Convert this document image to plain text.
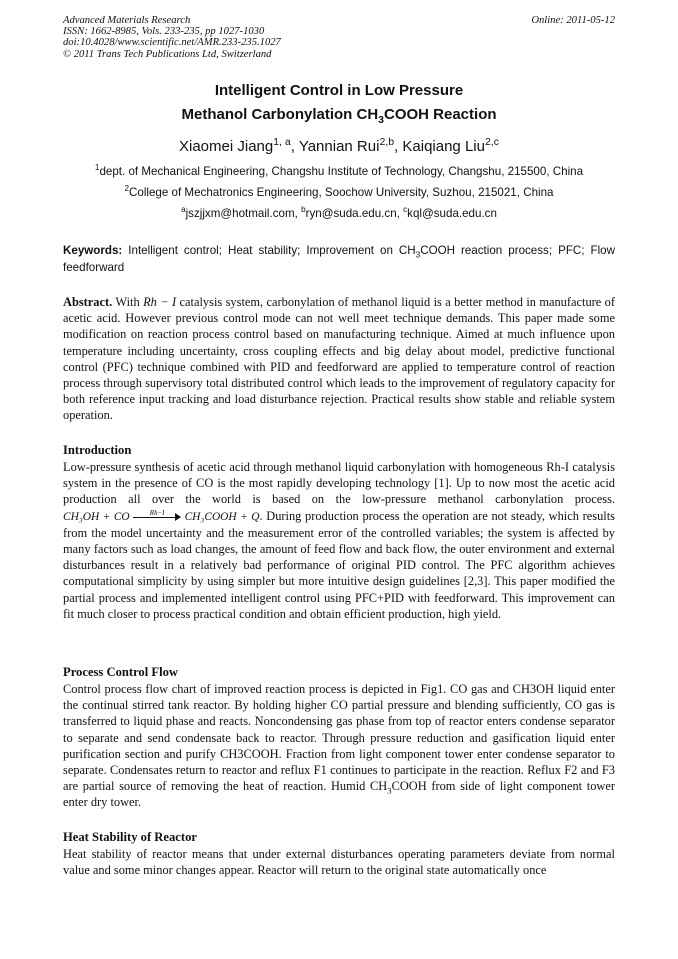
Advanced Materials Research
ISSN: 1662-8985, Vols. 233-235, pp 1027-1030
doi:10.4028/www.scientific.net/AMR.233-235.1027
© 2011 Trans Tech Publications Ltd, Switzerland
Online: 2011-05-12
Intelligent Control in Low Pressure
Methanol Carbonylation $CH_3COOH$ Reaction
Xiaomei Jiang$^{1, a}$, Yannian Rui$^{2,b}$, Kaiqiang Liu$^{2,c}$
$^1$dept. of Mechanical Engineering, Changshu Institute of Technology, Changshu, 215500, China
$^2$College of Mechatronics Engineering, Soochow University, Suzhou, 215021, China
$^a$jszjjxm@hotmail.com, $^b$ryn@suda.edu.cn, $^c$kql@suda.edu.cn
Keywords: Intelligent control; Heat stability; Improvement on $CH_3COOH$ reaction process; PFC; Flow feedforward
Abstract. With Rh − I catalysis system, carbonylation of methanol liquid is a better method in manufacture of acetic acid. However previous control mode can not well meet technique demands. This paper made some modification on reaction process control based on manufacturing technique. Aimed at much influence upon temperature including uncertainty, cross coupling effects and big delay about model, predictive functional control (PFC) technique combined with PID and feedforward are applied to temperature control of reaction process through supervisory total distributed control which leads to the improvement of regulatory capacity for both reference input tracking and load disturbance rejection. Practical results show stable and reliable system operation.
Introduction
Low-pressure synthesis of acetic acid through methanol liquid carbonylation with homogeneous Rh-I catalysis system in the presence of CO is the most rapidly developing technology [1]. Up to now most the acetic acid production all over the world is based on the low-pressure methanol carbonylation process. CH₃OH + CO	Rh−I	CH₃COOH + Q. During production process the operation are not steady, which results from the model uncertainty and the measurement error of the controlled variables; the system is affected by many factors such as load changes, the amount of feed flow and back flow, the outer environment and external disturbances result in a relatively bad performance of original PID control. The PFC algorithm achieves computational simplicity by using simpler but more intuitive design guidelines [2,3]. This paper modified the partial process and implemented intelligent control using PFC+PID with feedforward. This improvement can fit much closer to process practical condition and obtain efficient production, high yield.
Process Control Flow
Control process flow chart of improved reaction process is depicted in Fig1. CO gas and CH3OH liquid enter the continual stirred tank reactor. By holding higher CO partial pressure and blending sufficiently, CO gas is transferred to liquid phase and reacts. Noncondensing gas phase from top of reactor enters condense separator to separate and send condensate back to reactor. Through pressure reduction and gasification liquid enter purification section and purify CH3COOH. Fraction from light component tower enter condense separator to separate. Condensates return to reactor and reflux F1 continues to participate in the reaction. Reflux F2 and F3 are partial source of removing the heat of reaction. Humid $CH_3COOH$ from side of light component tower enter dry tower.
Heat Stability of Reactor
Heat stability of reactor means that under external disturbances operating parameters deviate from normal value and some minor changes appear. Reactor will return to the original state automatically once
